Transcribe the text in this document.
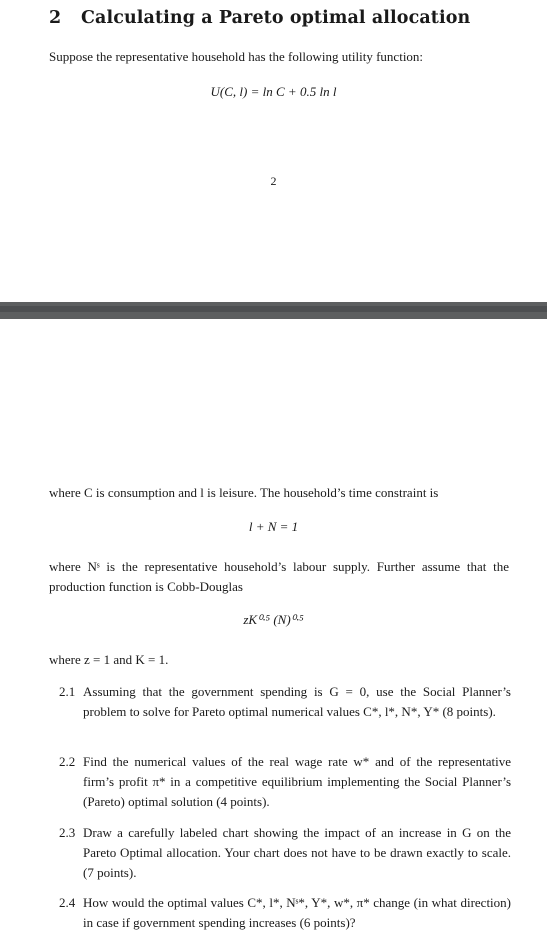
2 Calculating a Pareto optimal allocation

Suppose the representative household has the following utility function:

U(C, l) = ln C + 0.5 ln l
2

where C is consumption and l is leisure. The household’s time constraint is

l + N = 1

where Nˢ is the representative household’s labour supply. Further assume that the production function is Cobb-Douglas

zK⁰·⁵ (N)⁰·⁵

where z = 1 and K = 1.

2.1 Assuming that the government spending is G = 0, use the Social Planner’s problem to solve for Pareto optimal numerical values C*, l*, N*, Y* (8 points).
2.2 Find the numerical values of the real wage rate w* and of the representative firm’s profit π* in a competitive equilibrium implementing the Social Planner’s (Pareto) optimal solution (4 points).
2.3 Draw a carefully labeled chart showing the impact of an increase in G on the Pareto Optimal allocation. Your chart does not have to be drawn exactly to scale. (7 points).
2.4 How would the optimal values C*, l*, Nˢ*, Y*, w*, π* change (in what direction) in case if government spending increases (6 points)?
